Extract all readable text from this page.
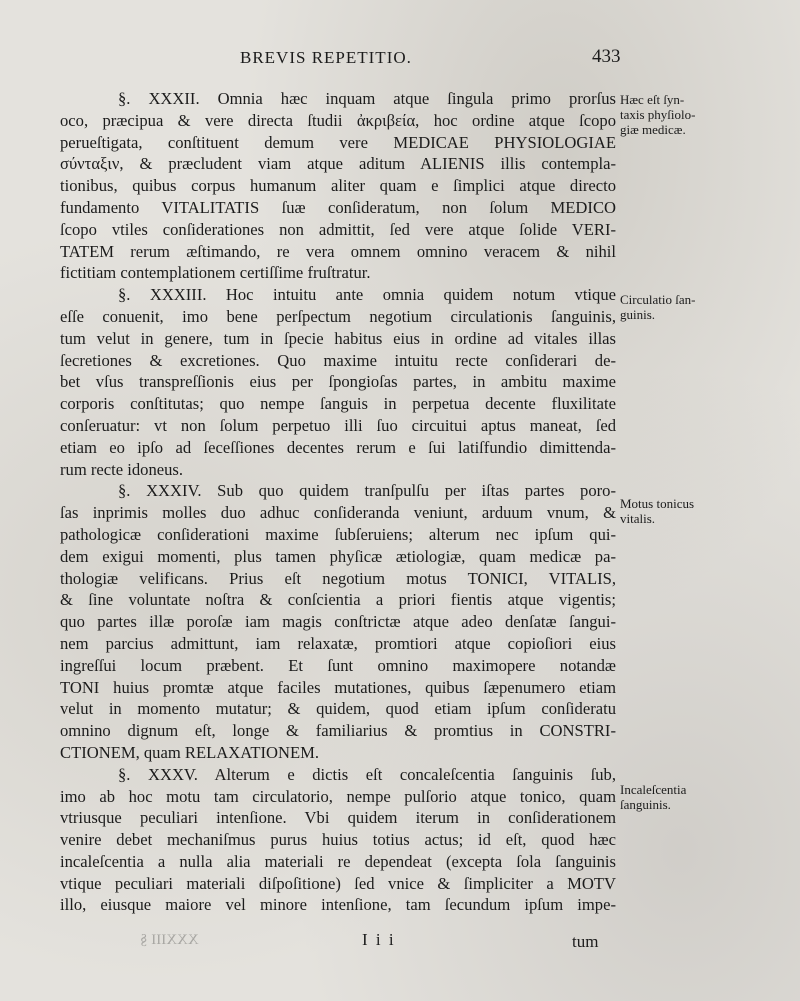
BREVIS REPETITIO.	433
§. XXXII. Omnia hæc inquam atque ſingula primo prorſus
oco, præcipua & vere directa ſtudii ἀκριβεία, hoc ordine atque ſcopo
perueſtigata, conſtituent demum vere MEDICAE PHYSIOLOGIAE
σύνταξιν, & præcludent viam atque aditum ALIENIS illis contempla-
tionibus, quibus corpus humanum aliter quam e ſimplici atque directo
fundamento VITALITATIS ſuæ conſideratum, non ſolum MEDICO
ſcopo vtiles conſiderationes non admittit, ſed vere atque ſolide VERI-
TATEM rerum æſtimando, re vera omnem omnino veracem & nihil
fictitiam contemplationem certiſſime fruſtratur.
§. XXXIII. Hoc intuitu ante omnia quidem notum vtique
eſſe conuenit, imo bene perſpectum negotium circulationis ſanguinis,
tum velut in genere, tum in ſpecie habitus eius in ordine ad vitales illas
ſecretiones & excretiones. Quo maxime intuitu recte conſiderari de-
bet vſus transpreſſionis eius per ſpongioſas partes, in ambitu maxime
corporis conſtitutas; quo nempe ſanguis in perpetua decente fluxilitate
conſeruatur: vt non ſolum perpetuo illi ſuo circuitui aptus maneat, ſed
etiam eo ipſo ad ſeceſſiones decentes rerum e ſui latiſfundio dimittenda-
rum recte idoneus.
§. XXXIV. Sub quo quidem tranſpulſu per iſtas partes poro-
ſas inprimis molles duo adhuc conſideranda veniunt, arduum vnum, &
pathologicæ conſiderationi maxime ſubſeruiens; alterum nec ipſum qui-
dem exigui momenti, plus tamen phyſicæ ætiologiæ, quam medicæ pa-
thologiæ velificans. Prius eſt negotium motus TONICI, VITALIS,
& ſine voluntate noſtra & conſcientia a priori fientis atque vigentis;
quo partes illæ poroſæ iam magis conſtrictæ atque adeo denſatæ ſangui-
nem parcius admittunt, iam relaxatæ, promtiori atque copioſiori eius
ingreſſui locum præbent. Et ſunt omnino maximopere notandæ
TONI huius promtæ atque faciles mutationes, quibus ſæpenumero etiam
velut in momento mutatur; & quidem, quod etiam ipſum conſideratu
omnino dignum eſt, longe & familiarius & promtius in CONSTRI-
CTIONEM, quam RELAXATIONEM.
§. XXXV. Alterum e dictis eſt concaleſcentia ſanguinis ſub,
imo ab hoc motu tam circulatorio, nempe pulſorio atque tonico, quam
vtriusque peculiari intenſione. Vbi quidem iterum in conſiderationem
venire debet mechaniſmus purus huius totius actus; id eſt, quod hæc
incaleſcentia a nulla alia materiali re dependeat (excepta ſola ſanguinis
vtique peculiari materiali diſpoſitione) ſed vnice & ſimpliciter a MOTV
illo, eiusque maiore vel minore intenſione, tam ſecundum ipſum impe-
Hæc eſt ſyn-
taxis phyſiolo-
giæ medicæ.
Circulatio ſan-
guinis.
Motus tonicus
vitalis.
Incaleſcentia
ſanguinis.
XXXIII §	I i i	tum
